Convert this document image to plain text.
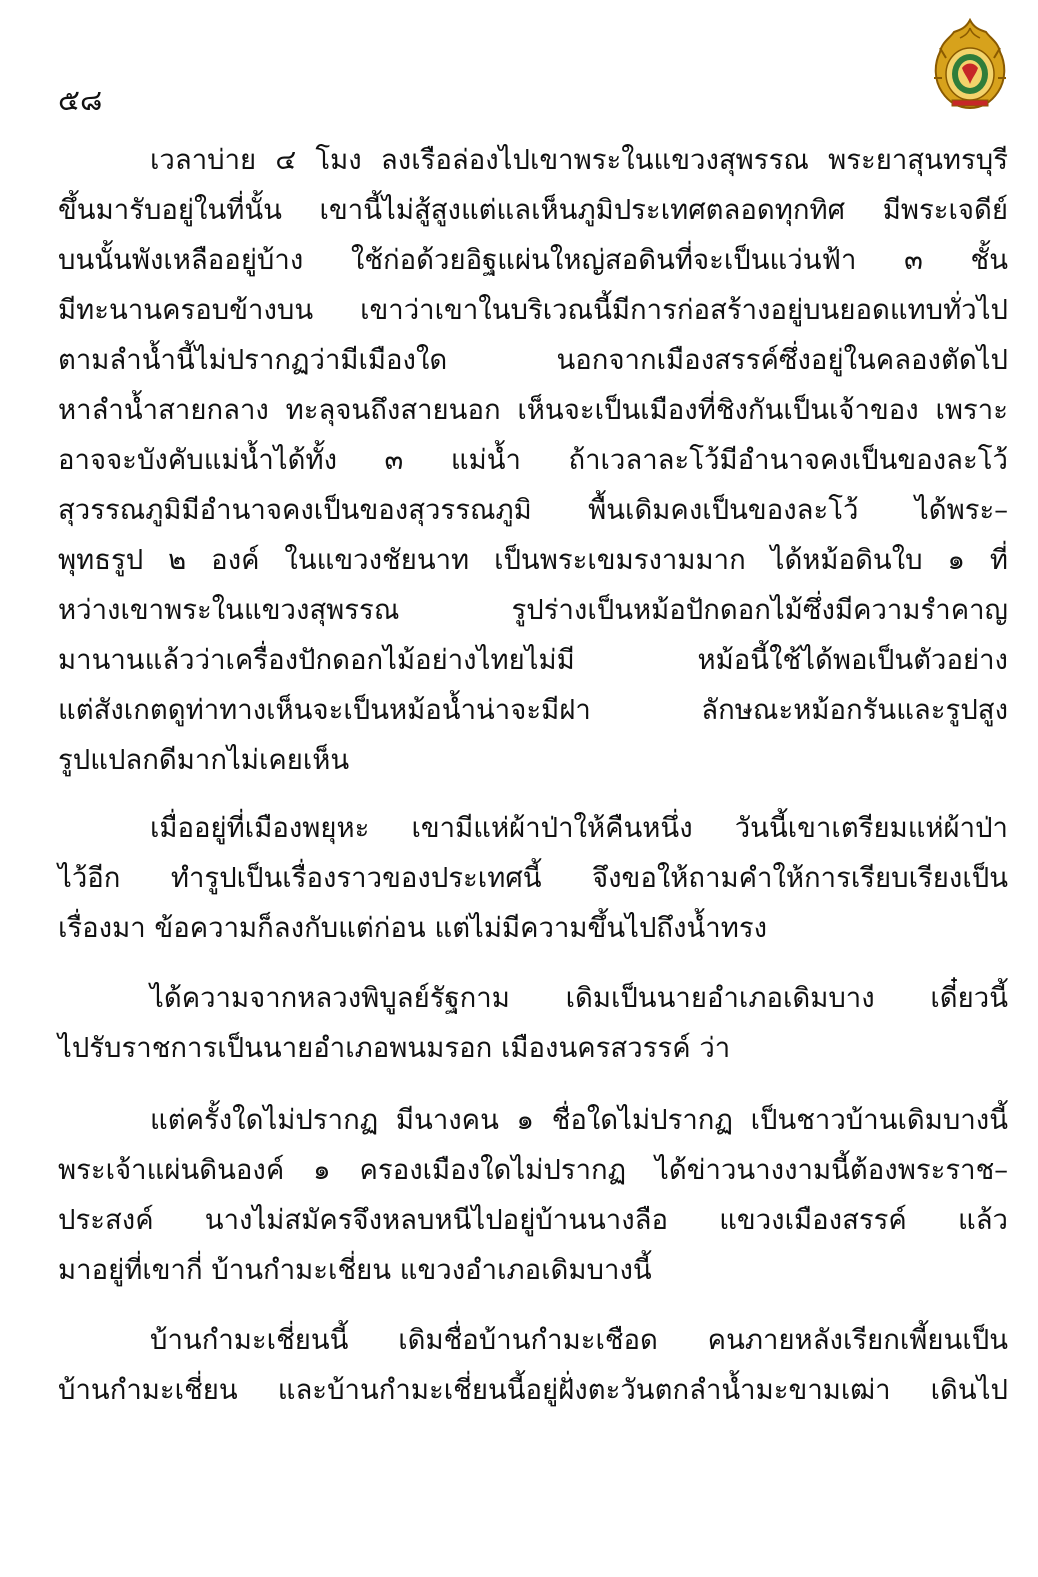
๕๘
เวลาบ่าย ๔ โมง ลงเรือล่องไปเขาพระในแขวงสุพรรณ พระยาสุนทรบุรี
ขึ้นมารับอยู่ในที่นั้น เขานี้ไม่สู้สูงแต่แลเห็นภูมิประเทศตลอดทุกทิศ มีพระเจดีย์
บนนั้นพังเหลืออยู่บ้าง ใช้ก่อด้วยอิฐแผ่นใหญ่สอดินที่จะเป็นแว่นฟ้า ๓ ชั้น
มีทะนานครอบข้างบน เขาว่าเขาในบริเวณนี้มีการก่อสร้างอยู่บนยอดแทบทั่วไป
ตามลำน้ำนี้ไม่ปรากฏว่ามีเมืองใด นอกจากเมืองสรรค์ซึ่งอยู่ในคลองตัดไป
หาลำน้ำสายกลาง ทะลุจนถึงสายนอก เห็นจะเป็นเมืองที่ชิงกันเป็นเจ้าของ เพราะ
อาจจะบังคับแม่น้ำได้ทั้ง ๓ แม่น้ำ ถ้าเวลาละโว้มีอำนาจคงเป็นของละโว้
สุวรรณภูมิมีอำนาจคงเป็นของสุวรรณภูมิ พื้นเดิมคงเป็นของละโว้ ได้พระ–
พุทธรูป ๒ องค์ ในแขวงชัยนาท เป็นพระเขมรงามมาก ได้หม้อดินใบ ๑ ที่
หว่างเขาพระในแขวงสุพรรณ รูปร่างเป็นหม้อปักดอกไม้ซึ่งมีความรำคาญ
มานานแล้วว่าเครื่องปักดอกไม้อย่างไทยไม่มี หม้อนี้ใช้ได้พอเป็นตัวอย่าง
แต่สังเกตดูท่าทางเห็นจะเป็นหม้อน้ำน่าจะมีฝา ลักษณะหม้อกรันและรูปสูง
รูปแปลกดีมากไม่เคยเห็น
เมื่ออยู่ที่เมืองพยุหะ เขามีแห่ผ้าป่าให้คืนหนึ่ง วันนี้เขาเตรียมแห่ผ้าป่า
ไว้อีก ทำรูปเป็นเรื่องราวของประเทศนี้ จึงขอให้ถามคำให้การเรียบเรียงเป็น
เรื่องมา ข้อความก็ลงกับแต่ก่อน แต่ไม่มีความขึ้นไปถึงน้ำทรง
ได้ความจากหลวงพิบูลย์รัฐกาม เดิมเป็นนายอำเภอเดิมบาง เดี๋ยวนี้
ไปรับราชการเป็นนายอำเภอพนมรอก เมืองนครสวรรค์ ว่า
แต่ครั้งใดไม่ปรากฏ มีนางคน ๑ ชื่อใดไม่ปรากฏ เป็นชาวบ้านเดิมบางนี้
พระเจ้าแผ่นดินองค์ ๑ ครองเมืองใดไม่ปรากฏ ได้ข่าวนางงามนี้ต้องพระราช–
ประสงค์ นางไม่สมัครจึงหลบหนีไปอยู่บ้านนางลือ แขวงเมืองสรรค์ แล้ว
มาอยู่ที่เขากี่ บ้านกำมะเชี่ยน แขวงอำเภอเดิมบางนี้
บ้านกำมะเชี่ยนนี้ เดิมชื่อบ้านกำมะเชือด คนภายหลังเรียกเพี้ยนเป็น
บ้านกำมะเชี่ยน และบ้านกำมะเชี่ยนนี้อยู่ฝั่งตะวันตกลำน้ำมะขามเฒ่า เดินไป
